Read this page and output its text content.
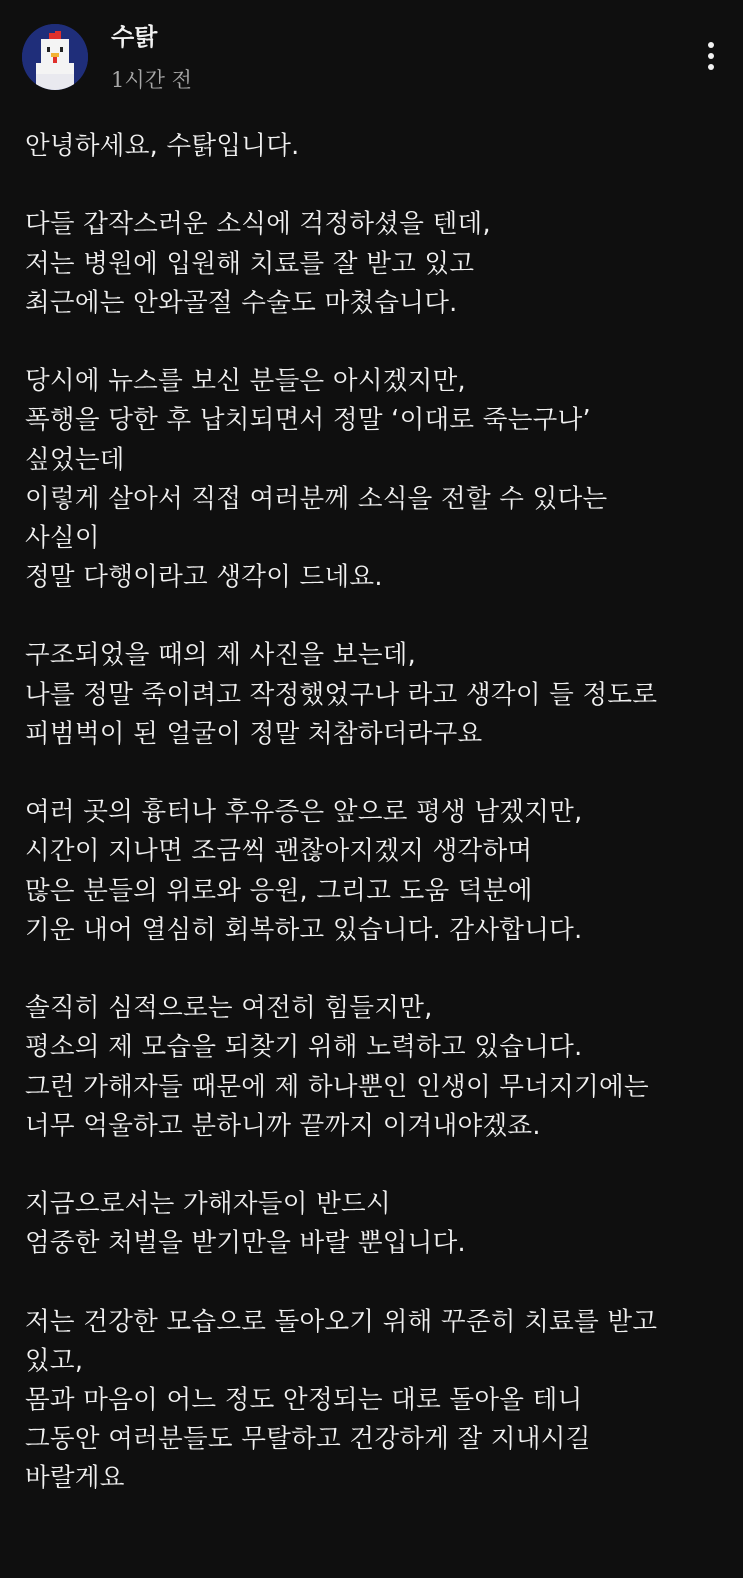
수탉
1시간 전
안녕하세요, 수탉입니다.
다들 갑작스러운 소식에 걱정하셨을 텐데,
저는 병원에 입원해 치료를 잘 받고 있고
최근에는 안와골절 수술도 마쳤습니다.
당시에 뉴스를 보신 분들은 아시겠지만,
폭행을 당한 후 납치되면서 정말 ‘이대로 죽는구나’
싶었는데
이렇게 살아서 직접 여러분께 소식을 전할 수 있다는
사실이
정말 다행이라고 생각이 드네요.
구조되었을 때의 제 사진을 보는데,
나를 정말 죽이려고 작정했었구나 라고 생각이 들 정도로
피범벅이 된 얼굴이 정말 처참하더라구요
여러 곳의 흉터나 후유증은 앞으로 평생 남겠지만,
시간이 지나면 조금씩 괜찮아지겠지 생각하며
많은 분들의 위로와 응원, 그리고 도움 덕분에
기운 내어 열심히 회복하고 있습니다. 감사합니다.
솔직히 심적으로는 여전히 힘들지만,
평소의 제 모습을 되찾기 위해 노력하고 있습니다.
그런 가해자들 때문에 제 하나뿐인 인생이 무너지기에는
너무 억울하고 분하니까 끝까지 이겨내야겠죠.
지금으로서는 가해자들이 반드시
엄중한 처벌을 받기만을 바랄 뿐입니다.
저는 건강한 모습으로 돌아오기 위해 꾸준히 치료를 받고
있고,
몸과 마음이 어느 정도 안정되는 대로 돌아올 테니
그동안 여러분들도 무탈하고 건강하게 잘 지내시길
바랄게요
